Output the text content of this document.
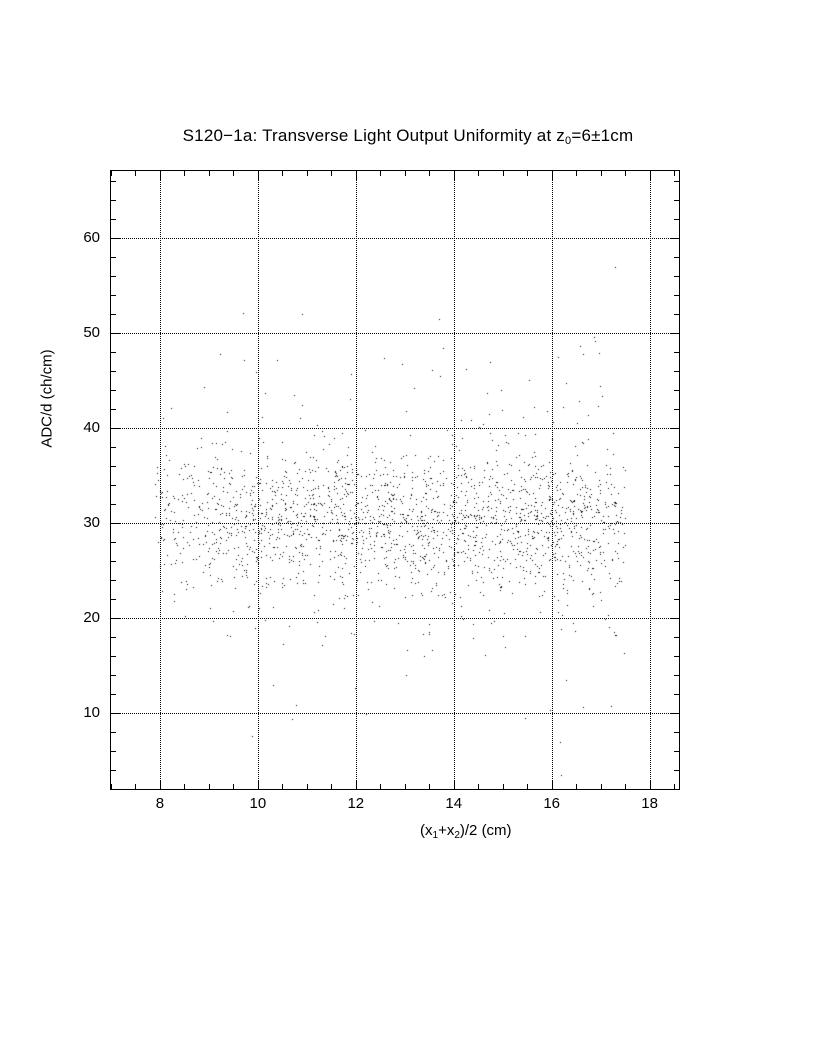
S120−1a: Transverse Light Output Uniformity at $z_0=6\pm 1cm$
ADC/d (ch/cm)
$(x_1+x_2)/2$ (cm)
8	10	12	14	16	18
10
20
30
40
50
60
